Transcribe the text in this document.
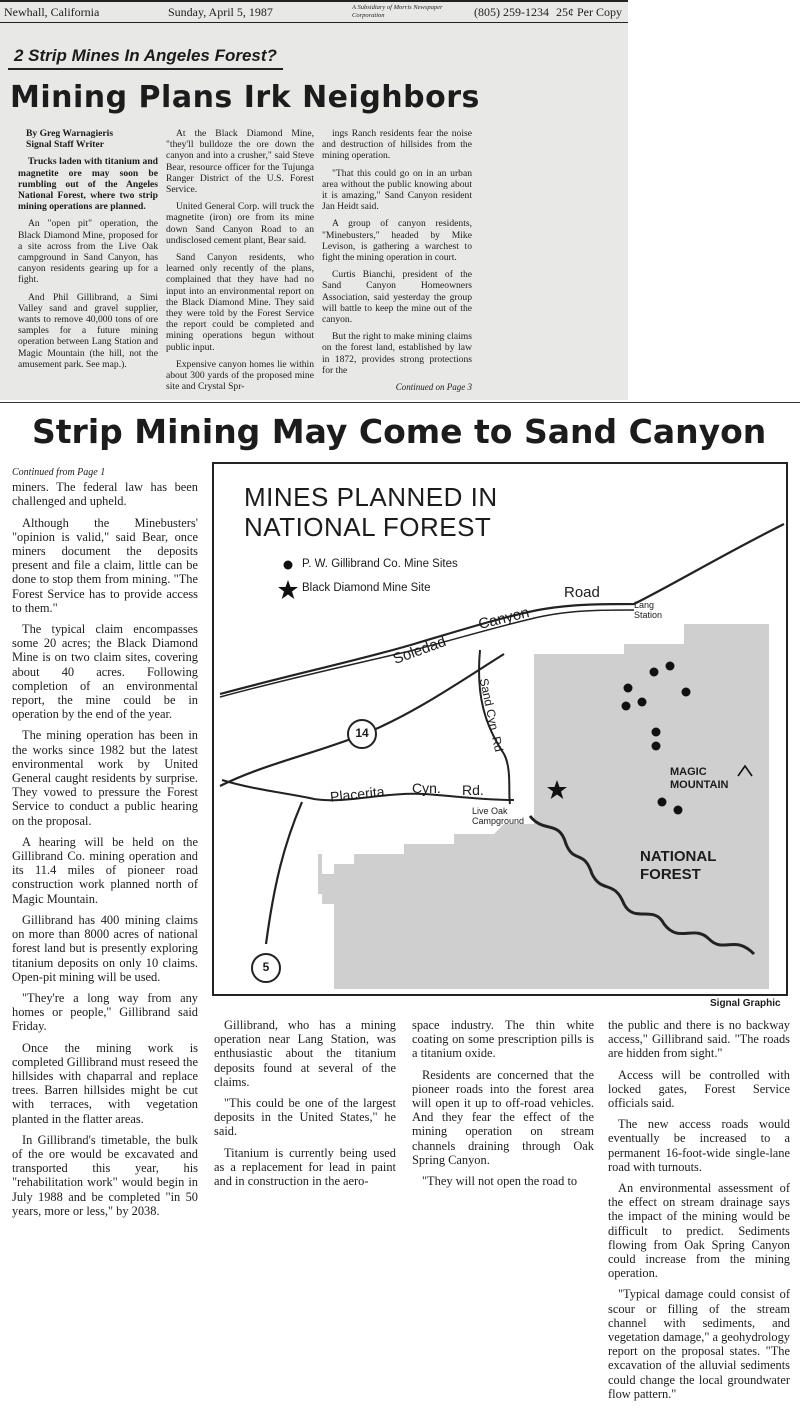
Newhall, California	Sunday, April 5, 1987	A Subsidiary of Morris Newspaper Corporation	(805) 259-1234 25¢ Per Copy
2 Strip Mines In Angeles Forest?
Mining Plans Irk Neighbors

By Greg Warnagieris
Signal Staff Writer

Trucks laden with titanium and magnetite ore may soon be rumbling out of the Angeles National Forest, where two strip mining operations are planned.

An "open pit" operation, the Black Diamond Mine, proposed for a site across from the Live Oak campground in Sand Canyon, has canyon residents gearing up for a fight.

And Phil Gillibrand, a Simi Valley sand and gravel supplier, wants to remove 40,000 tons of ore samples for a future mining operation between Lang Station and Magic Mountain (the hill, not the amusement park. See map.).

At the Black Diamond Mine, "they'll bulldoze the ore down the canyon and into a crusher," said Steve Bear, resource officer for the Tujunga Ranger District of the U.S. Forest Service.

United General Corp. will truck the magnetite (iron) ore from its mine down Sand Canyon Road to an undisclosed cement plant, Bear said.

Sand Canyon residents, who learned only recently of the plans, complained that they have had no input into an environmental report on the Black Diamond Mine. They said they were told by the Forest Service the report could be completed and mining operations begun without public input.

Expensive canyon homes lie within about 300 yards of the proposed mine site and Crystal Spr-

ings Ranch residents fear the noise and destruction of hillsides from the mining operation.

"That this could go on in an urban area without the public knowing about it is amazing," Sand Canyon resident Jan Heidt said.

A group of canyon residents, "Minebusters," headed by Mike Levison, is gathering a warchest to fight the mining operation in court.

Curtis Bianchi, president of the Sand Canyon Homeowners Association, said yesterday the group will battle to keep the mine out of the canyon.

But the right to make mining claims on the forest land, established by law in 1872, provides strong protections for the

Continued on Page 3

Strip Mining May Come to Sand Canyon

Continued from Page 1

miners. The federal law has been challenged and upheld.

Although the Minebusters' "opinion is valid," said Bear, once miners document the deposits present and file a claim, little can be done to stop them from mining. "The Forest Service has to provide access to them."

The typical claim encompasses some 20 acres; the Black Diamond Mine is on two claim sites, covering about 40 acres. Following completion of an environmental report, the mine could be in operation by the end of the year.

The mining operation has been in the works since 1982 but the latest environmental work by United General caught residents by surprise. They vowed to pressure the Forest Service to conduct a public hearing on the proposal.

A hearing will be held on the Gillibrand Co. mining operation and its 11.4 miles of pioneer road construction work planned north of Magic Mountain.

Gillibrand has 400 mining claims on more than 8000 acres of national forest land but is presently exploring titanium deposits on only 10 claims. Open-pit mining will be used.

"They're a long way from any homes or people," Gillibrand said Friday.

Once the mining work is completed Gillibrand must reseed the hillsides with chaparral and replace trees. Barren hillsides might be cut with terraces, with vegetation planted in the flatter areas.

In Gillibrand's timetable, the bulk of the ore would be excavated and transported this year, his "rehabilitation work" would begin in July 1988 and be completed "in 50 years, more or less," by 2038.

MINES PLANNED IN
NATIONAL FOREST
P. W. Gillibrand Co. Mine Sites
Black Diamond Mine Site	Road
Canyon
Soledad
Lang Station
Sand Cyn. Rd
14
5
Placerita Cyn. Rd.
Live Oak Campground
MAGIC MOUNTAIN
NATIONAL FOREST
Signal Graphic

Gillibrand, who has a mining operation near Lang Station, was enthusiastic about the titanium deposits found at several of the claims.

"This could be one of the largest deposits in the United States," he said.

Titanium is currently being used as a replacement for lead in paint and in construction in the aero-

space industry. The thin white coating on some prescription pills is a titanium oxide.

Residents are concerned that the pioneer roads into the forest area will open it up to off-road vehicles. And they fear the effect of the mining operation on stream channels draining through Oak Spring Canyon.

"They will not open the road to

the public and there is no backway access," Gillibrand said. "The roads are hidden from sight."

Access will be controlled with locked gates, Forest Service officials said.

The new access roads would eventually be increased to a permanent 16-foot-wide single-lane road with turnouts.

An environmental assessment of the effect on stream drainage says the impact of the mining would be difficult to predict. Sediments flowing from Oak Spring Canyon could increase from the mining operation.

"Typical damage could consist of scour or filling of the stream channel with sediments, and vegetation damage," a geohydrology report on the proposal states. "The excavation of the alluvial sediments could change the local groundwater flow pattern."
